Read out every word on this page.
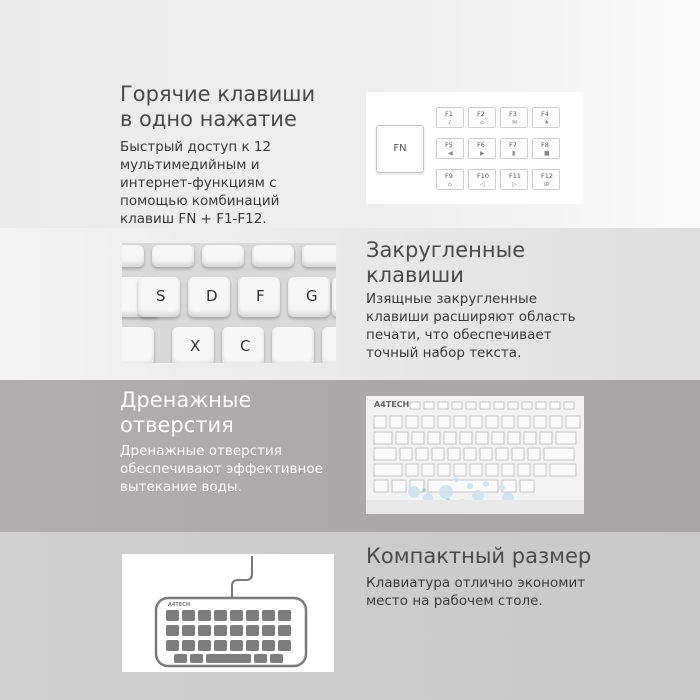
Горячие клавиши
в одно нажатие
Быстрый доступ к 12
мультимедийным и
интернет-функциям с
помощью комбинаций
клавиш FN + F1-F12.
FN
F1
♪
F2
⌂
F3
✉
F4
★
F5
◀
F6
▶
F7
▮
F8
■
F9
⌂
F10
◁
F11
▷
F12
⊞
S	D	F	G
X	C
Закругленные
клавиши
Изящные закругленные
клавиши расширяют область
печати, что обеспечивает
точный набор текста.
Дренажные
отверстия
Дренажные отверстия
обеспечивают эффективное
вытекание воды.
A4TECH
A4TECH
Компактный размер
Клавиатура отлично экономит
место на рабочем столе.
